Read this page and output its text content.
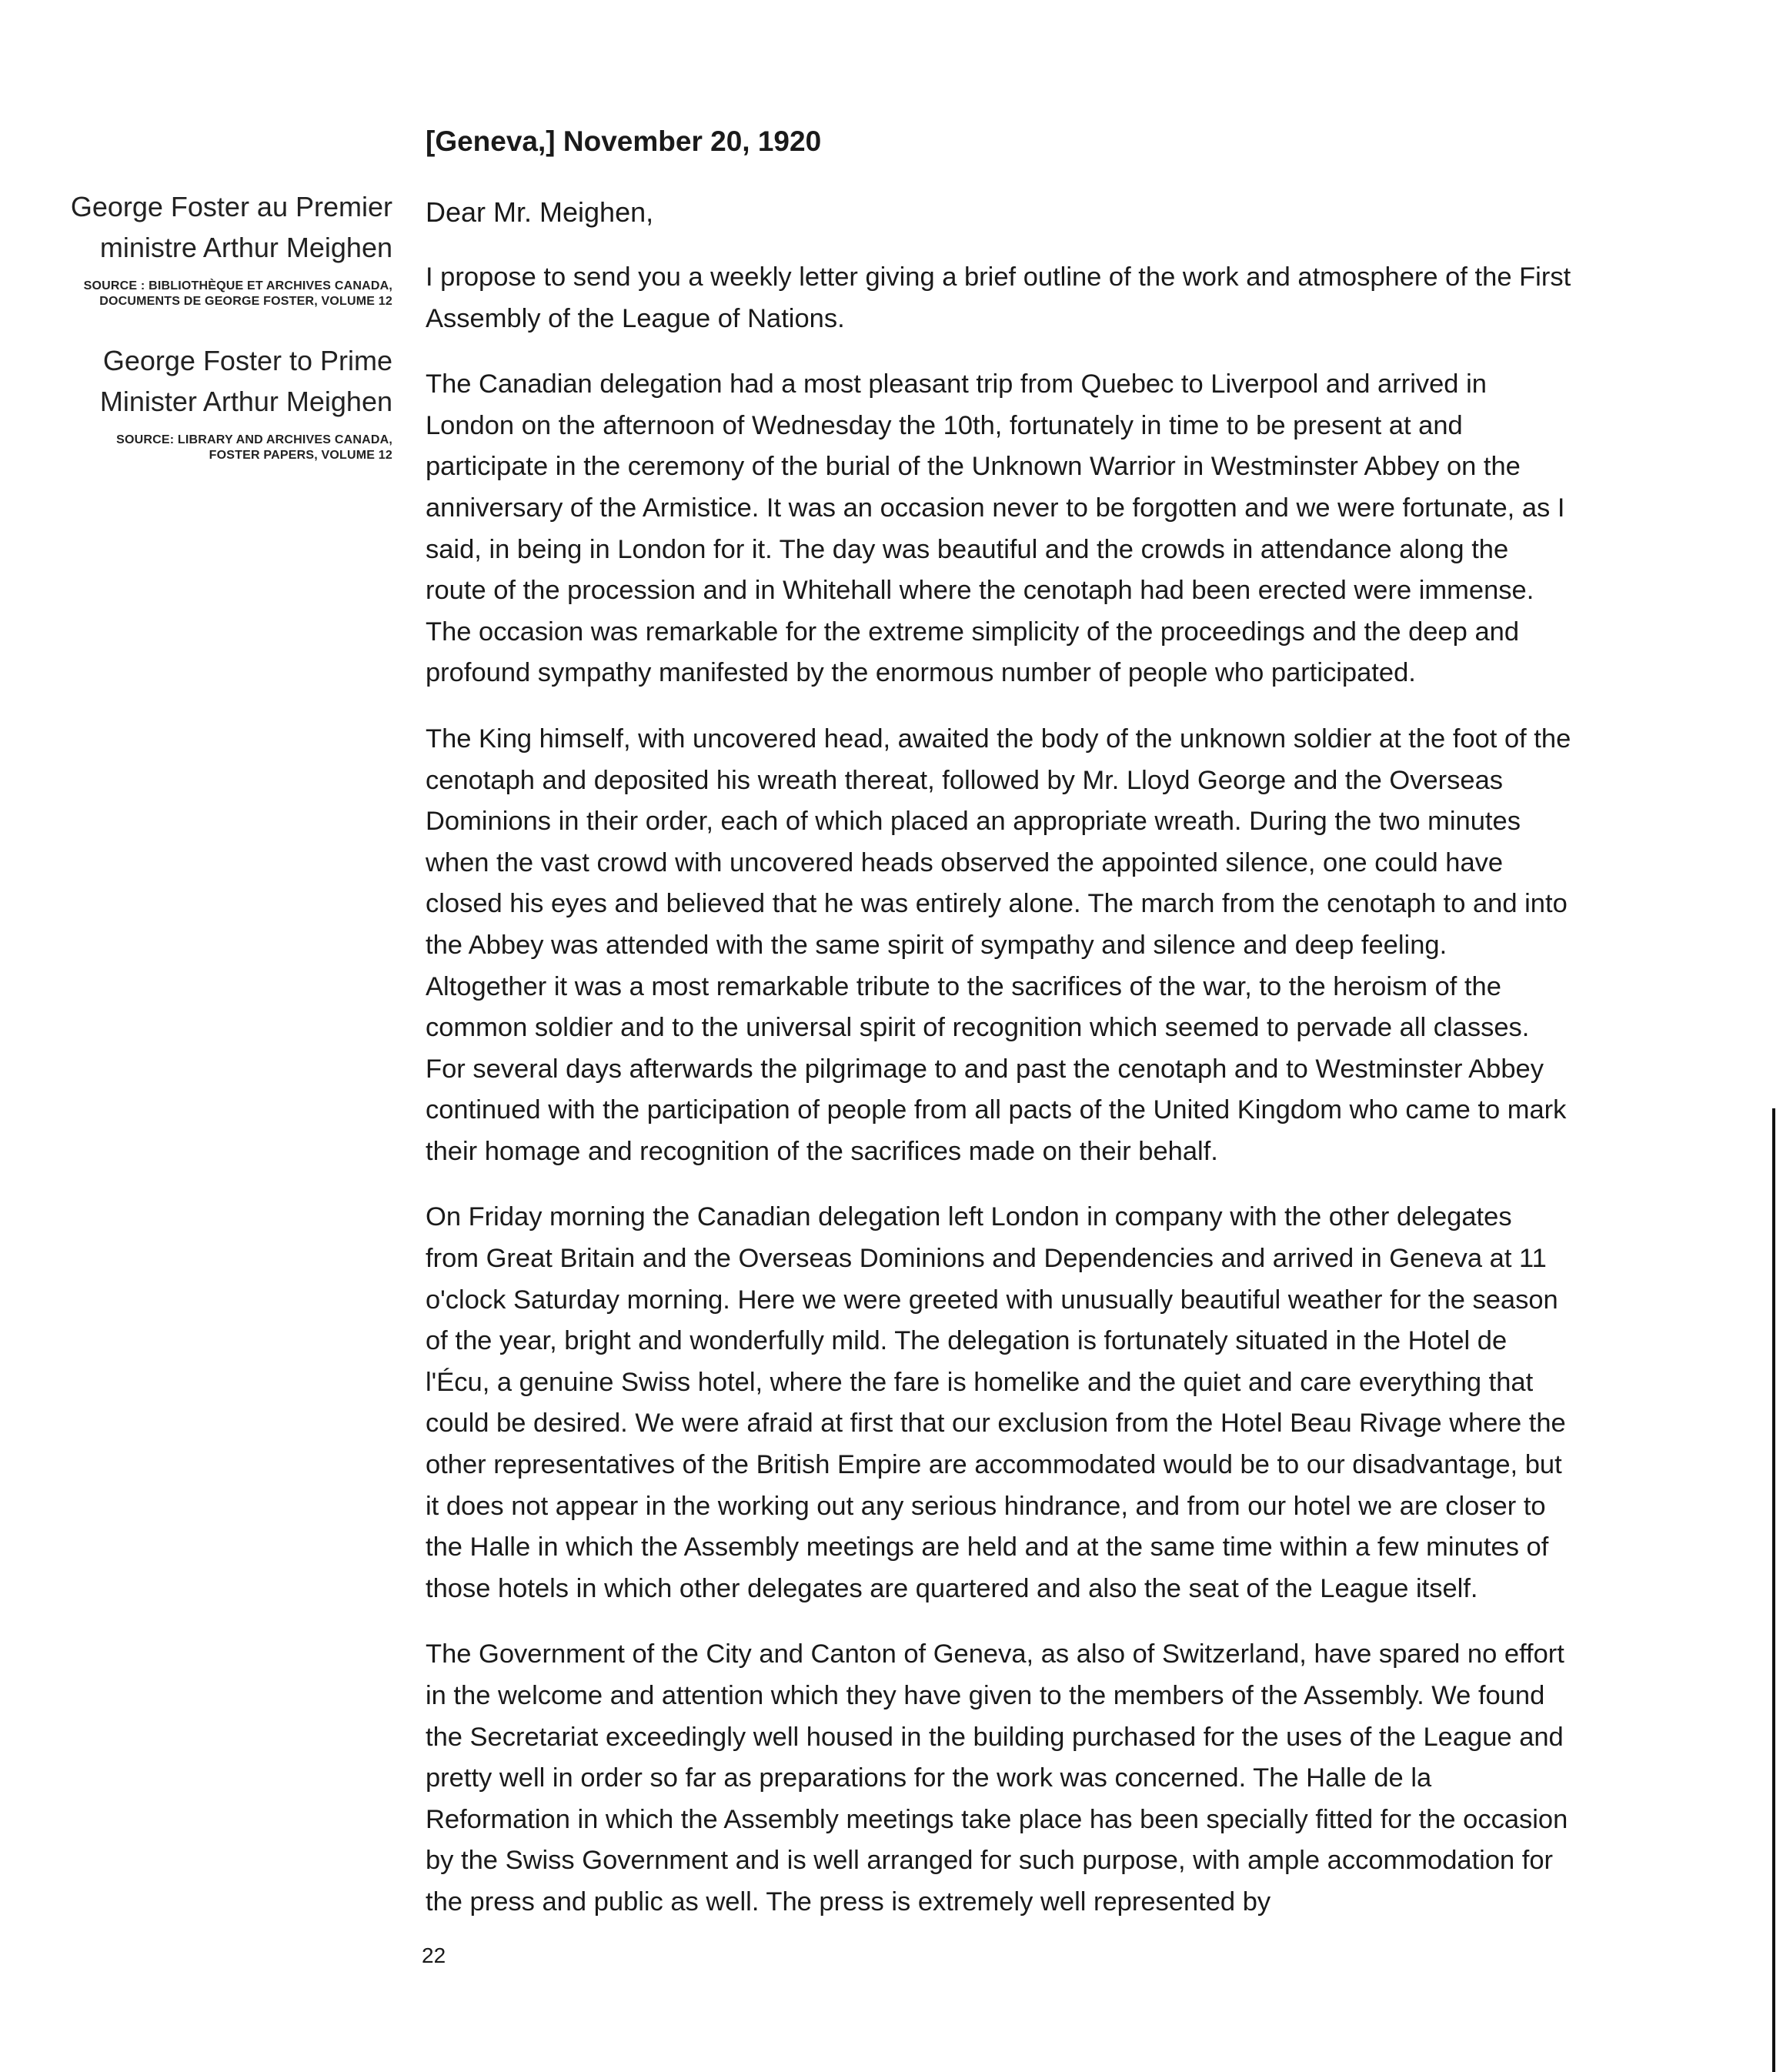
George Foster au Premier ministre Arthur Meighen

SOURCE : BIBLIOTHÈQUE ET ARCHIVES CANADA, DOCUMENTS DE GEORGE FOSTER, VOLUME 12

George Foster to Prime Minister Arthur Meighen

SOURCE: LIBRARY AND ARCHIVES CANADA, FOSTER PAPERS, VOLUME 12

[Geneva,] November 20, 1920

Dear Mr. Meighen,

I propose to send you a weekly letter giving a brief outline of the work and atmosphere of the First Assembly of the League of Nations.

The Canadian delegation had a most pleasant trip from Quebec to Liverpool and arrived in London on the afternoon of Wednesday the 10th, fortunately in time to be present at and participate in the ceremony of the burial of the Unknown Warrior in Westminster Abbey on the anniversary of the Armistice. It was an occasion never to be forgotten and we were fortunate, as I said, in being in London for it. The day was beautiful and the crowds in attendance along the route of the procession and in Whitehall where the cenotaph had been erected were immense. The occasion was remarkable for the extreme simplicity of the proceedings and the deep and profound sympathy manifested by the enormous number of people who participated.

The King himself, with uncovered head, awaited the body of the unknown soldier at the foot of the cenotaph and deposited his wreath thereat, followed by Mr. Lloyd George and the Overseas Dominions in their order, each of which placed an appropriate wreath. During the two minutes when the vast crowd with uncovered heads observed the appointed silence, one could have closed his eyes and believed that he was entirely alone. The march from the cenotaph to and into the Abbey was attended with the same spirit of sympathy and silence and deep feeling. Altogether it was a most remarkable tribute to the sacrifices of the war, to the heroism of the common soldier and to the universal spirit of recognition which seemed to pervade all classes. For several days afterwards the pilgrimage to and past the cenotaph and to Westminster Abbey continued with the participation of people from all pacts of the United Kingdom who came to mark their homage and recognition of the sacrifices made on their behalf.

On Friday morning the Canadian delegation left London in company with the other delegates from Great Britain and the Overseas Dominions and Dependencies and arrived in Geneva at 11 o'clock Saturday morning. Here we were greeted with unusually beautiful weather for the season of the year, bright and wonderfully mild. The delegation is fortunately situated in the Hotel de l'Écu, a genuine Swiss hotel, where the fare is homelike and the quiet and care everything that could be desired. We were afraid at first that our exclusion from the Hotel Beau Rivage where the other representatives of the British Empire are accommodated would be to our disadvantage, but it does not appear in the working out any serious hindrance, and from our hotel we are closer to the Halle in which the Assembly meetings are held and at the same time within a few minutes of those hotels in which other delegates are quartered and also the seat of the League itself.

The Government of the City and Canton of Geneva, as also of Switzerland, have spared no effort in the welcome and attention which they have given to the members of the Assembly. We found the Secretariat exceedingly well housed in the building purchased for the uses of the League and pretty well in order so far as preparations for the work was concerned. The Halle de la Reformation in which the Assembly meetings take place has been specially fitted for the occasion by the Swiss Government and is well arranged for such purpose, with ample accommodation for the press and public as well. The press is extremely well represented by

22
